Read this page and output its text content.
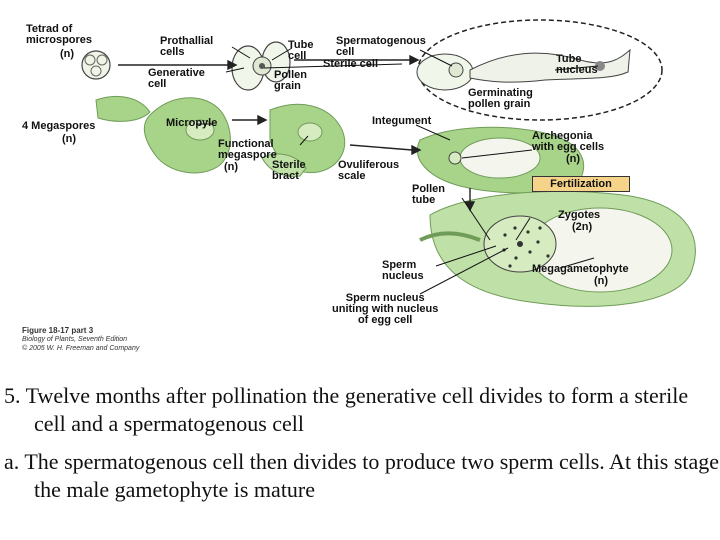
Tetrad of
microspores
(n)
Prothallial
cells
Tube
cell
Spermatogenous
cell
Sterile cell	Tube
nucleus
Generative
cell
Pollen
grain
Germinating
pollen grain
4 Megaspores
(n)
Micropyle	Integument
Archegonia
with egg cells
(n)
Functional
megaspore
(n)	Sterile
bract
Ovuliferous
scale
Fertilization
Pollen
tube
Zygotes
(2n)
Sperm
nucleus
Megagametophyte
(n)
Sperm nucleus
uniting with nucleus
of egg cell
Figure 18-17 part 3
Biology of Plants, Seventh Edition
© 2005 W. H. Freeman and Company

5. Twelve months after pollination the generative cell divides to form a sterile cell and a spermatogenous cell

a. The spermatogenous cell then divides to produce two sperm cells. At this stage the male gametophyte is mature
